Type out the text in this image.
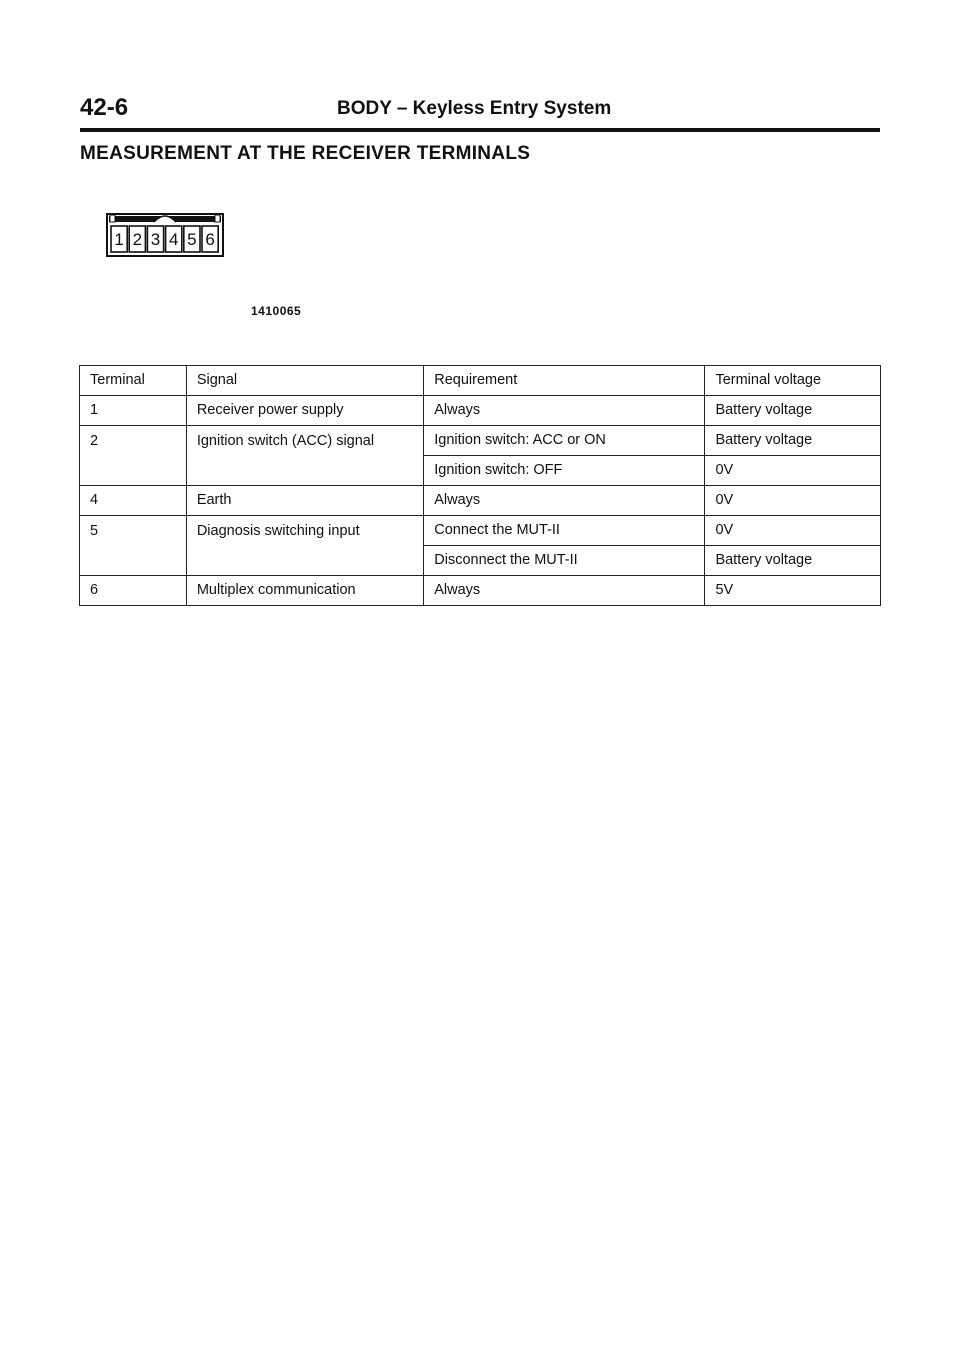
42-6	BODY – Keyless Entry System
MEASUREMENT AT THE RECEIVER TERMINALS
1 2 3 4 5 6
1410065
Terminal	Signal	Requirement	Terminal voltage
1	Receiver power supply	Always	Battery voltage
2	Ignition switch (ACC) signal	Ignition switch: ACC or ON	Battery voltage
		Ignition switch: OFF	0V
4	Earth	Always	0V
5	Diagnosis switching input	Connect the MUT-II	0V
		Disconnect the MUT-II	Battery voltage
6	Multiplex communication	Always	5V
